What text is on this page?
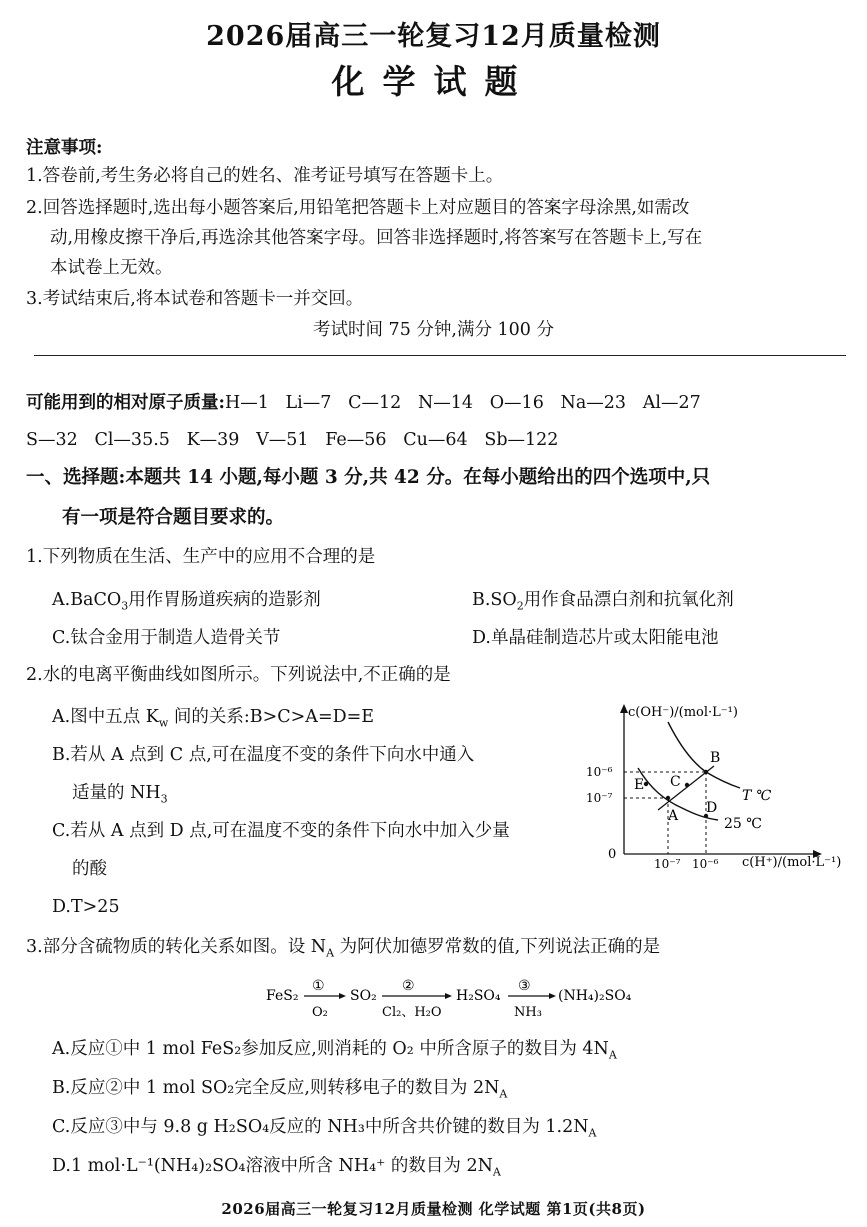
2026届高三一轮复习12月质量检测
化学试题
注意事项:
1.答卷前,考生务必将自己的姓名、准考证号填写在答题卡上。
2.回答选择题时,选出每小题答案后,用铅笔把答题卡上对应题目的答案字母涂黑,如需改
动,用橡皮擦干净后,再选涂其他答案字母。回答非选择题时,将答案写在答题卡上,写在
本试卷上无效。
3.考试结束后,将本试卷和答题卡一并交回。
考试时间 75 分钟,满分 100 分
可能用到的相对原子质量:H—1   Li—7   C—12   N—14   O—16   Na—23   Al—27
S—32   Cl—35.5   K—39   V—51   Fe—56   Cu—64   Sb—122
一、选择题:本题共 14 小题,每小题 3 分,共 42 分。在每小题给出的四个选项中,只
有一项是符合题目要求的。
1.下列物质在生活、生产中的应用不合理的是
A.BaCO$_3$用作胃肠道疾病的造影剂	$B.SO_2$用作食品漂白剂和抗氧化剂
C.钛合金用于制造人造骨关节	D.单晶硅制造芯片或太阳能电池
2.水的电离平衡曲线如图所示。下列说法中,不正确的是
A.图中五点 $K_w$ 间的关系:B>C>A=D=E
B.若从 A 点到 C 点,可在温度不变的条件下向水中通入
适量的 $NH_3$
C.若从 A 点到 D 点,可在温度不变的条件下向水中加入少量
的酸
D.T>25
c(OH⁻)/(mol·L⁻¹)
c(H⁺)/(mol·L⁻¹)
10⁻⁶
10⁻⁷
10⁻⁷ 10⁻⁶
0
A
B
C
D
E
T ℃
25 ℃
3.部分含硫物质的转化关系如图。设 $N_A$ 为阿伏加德罗常数的值,下列说法正确的是
FeS₂
①
O₂
SO₂
②
Cl₂、H₂O
H₂SO₄
③
NH₃
(NH₄)₂SO₄
A.反应①中 1 mol FeS₂参加反应,则消耗的 O₂ 中所含原子的数目为 $4N_A$
B.反应②中 1 mol SO₂完全反应,则转移电子的数目为 $2N_A$
C.反应③中与 9.8 g H₂SO₄反应的 NH₃中所含共价键的数目为 $1.2N_A$
D.1 mol·L⁻¹(NH₄)₂SO₄溶液中所含 NH₄⁺ 的数目为 $2N_A$
2026届高三一轮复习12月质量检测 化学试题 第1页(共8页)
